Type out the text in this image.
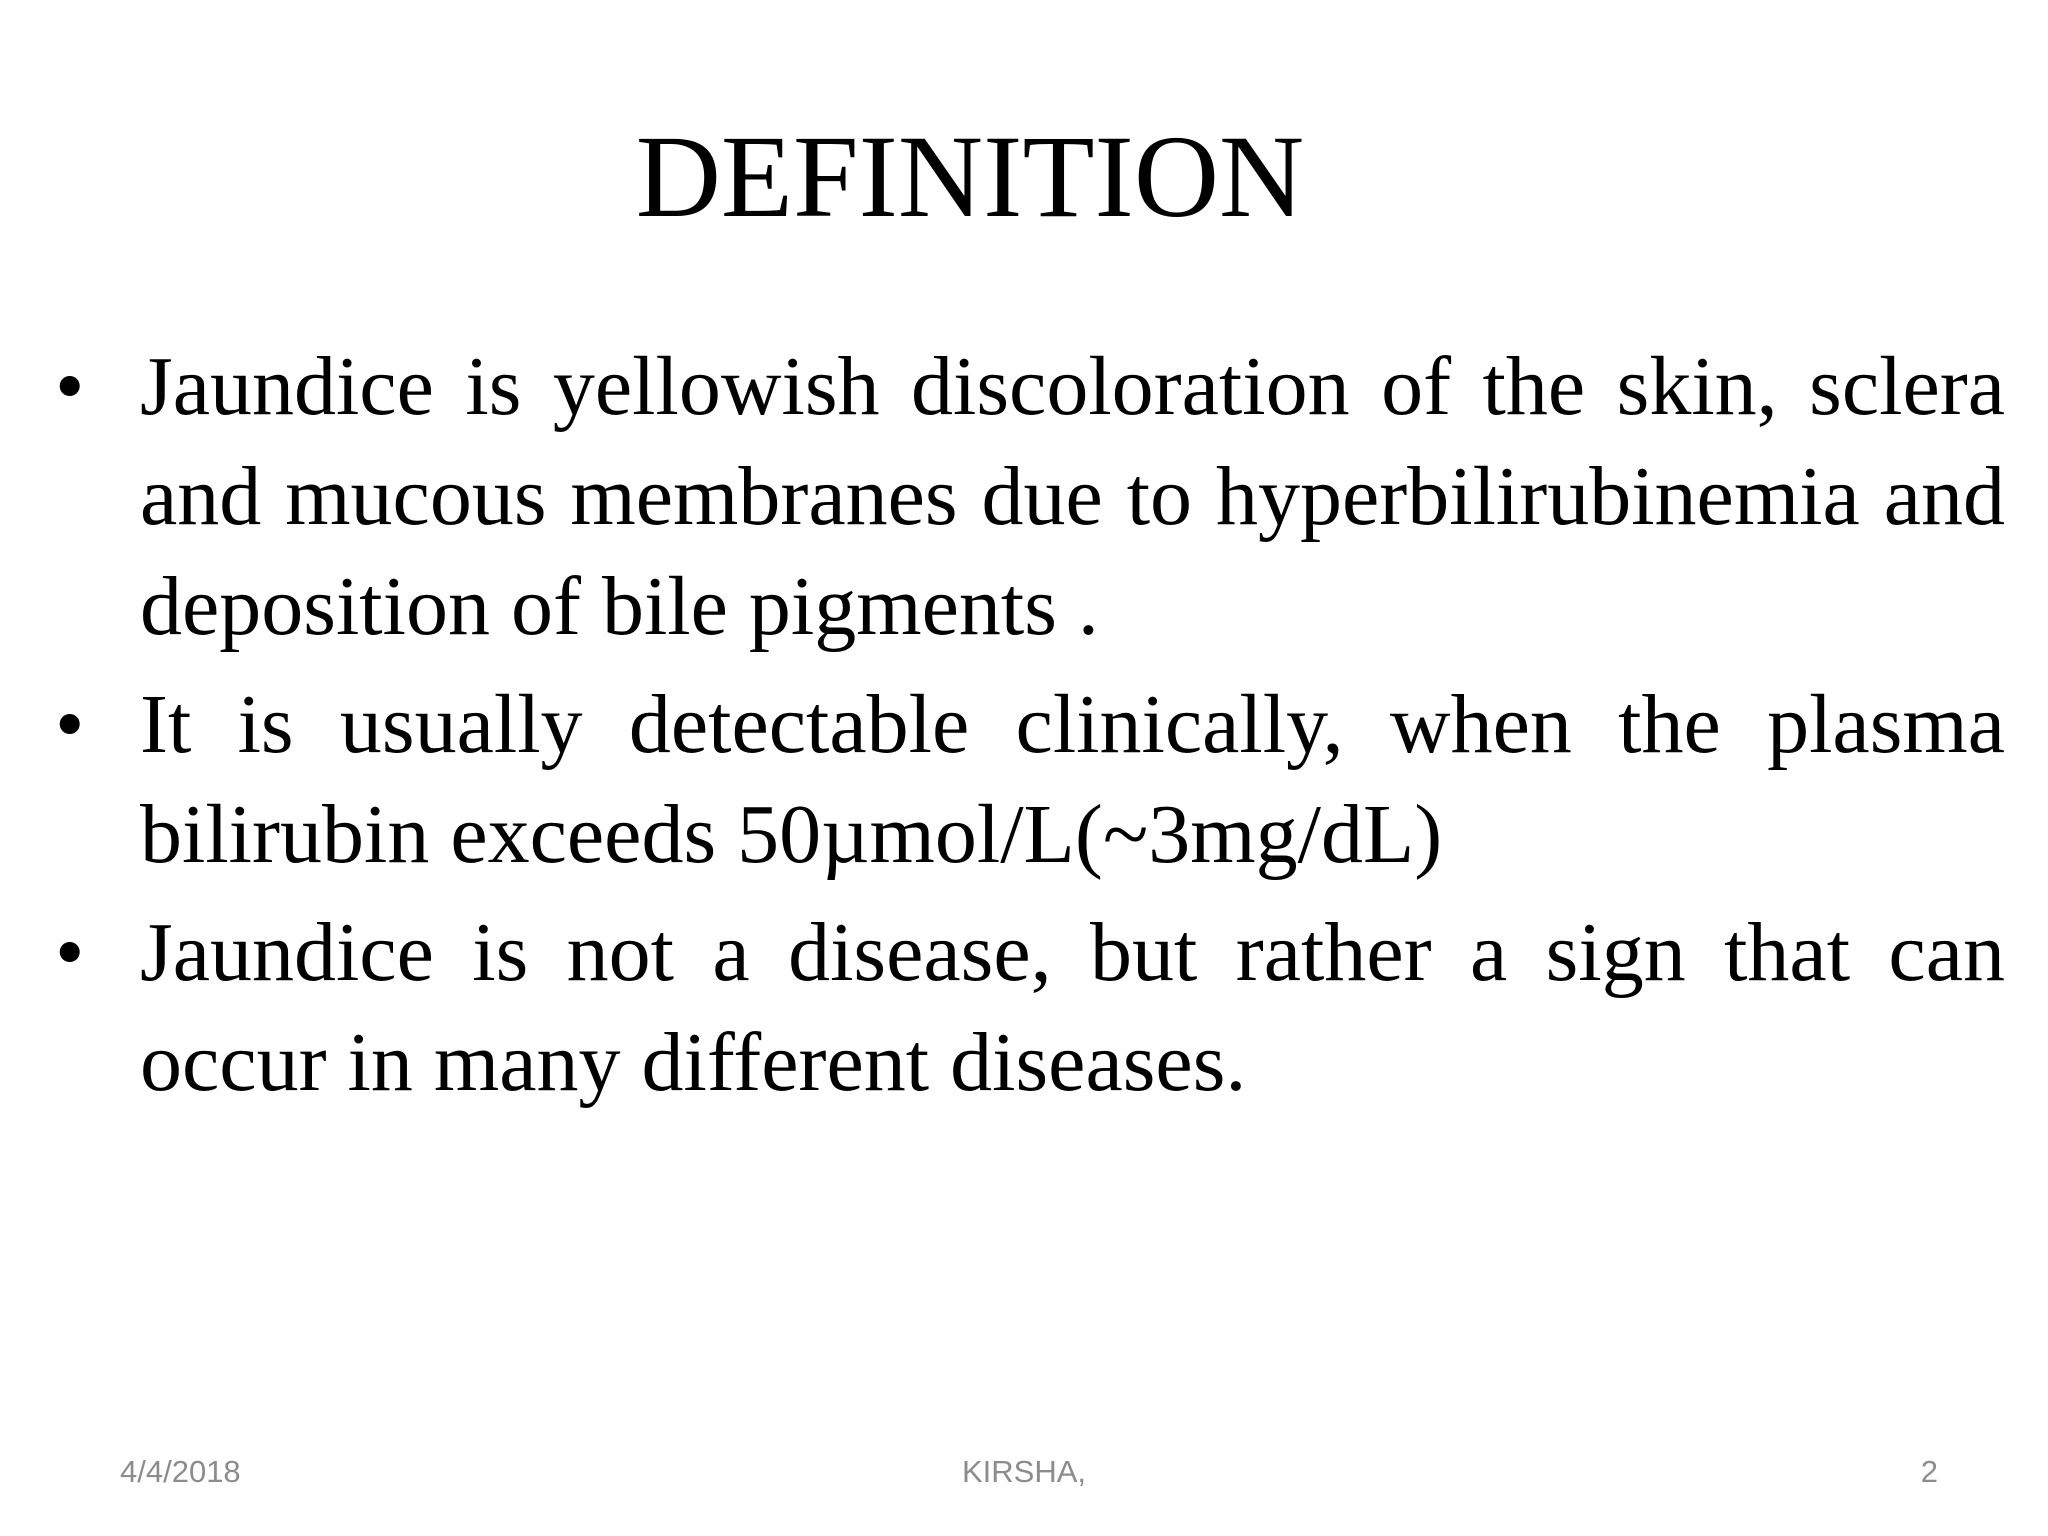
DEFINITION
• Jaundice is yellowish discoloration of the skin, sclera and mucous membranes due to hyperbilirubinemia and deposition of bile pigments .
• It is usually detectable clinically, when the plasma bilirubin exceeds 50µmol/L(~3mg/dL)
• Jaundice is not a disease, but rather a sign that can occur in many different diseases.
4/4/2018	KIRSHA,	2
